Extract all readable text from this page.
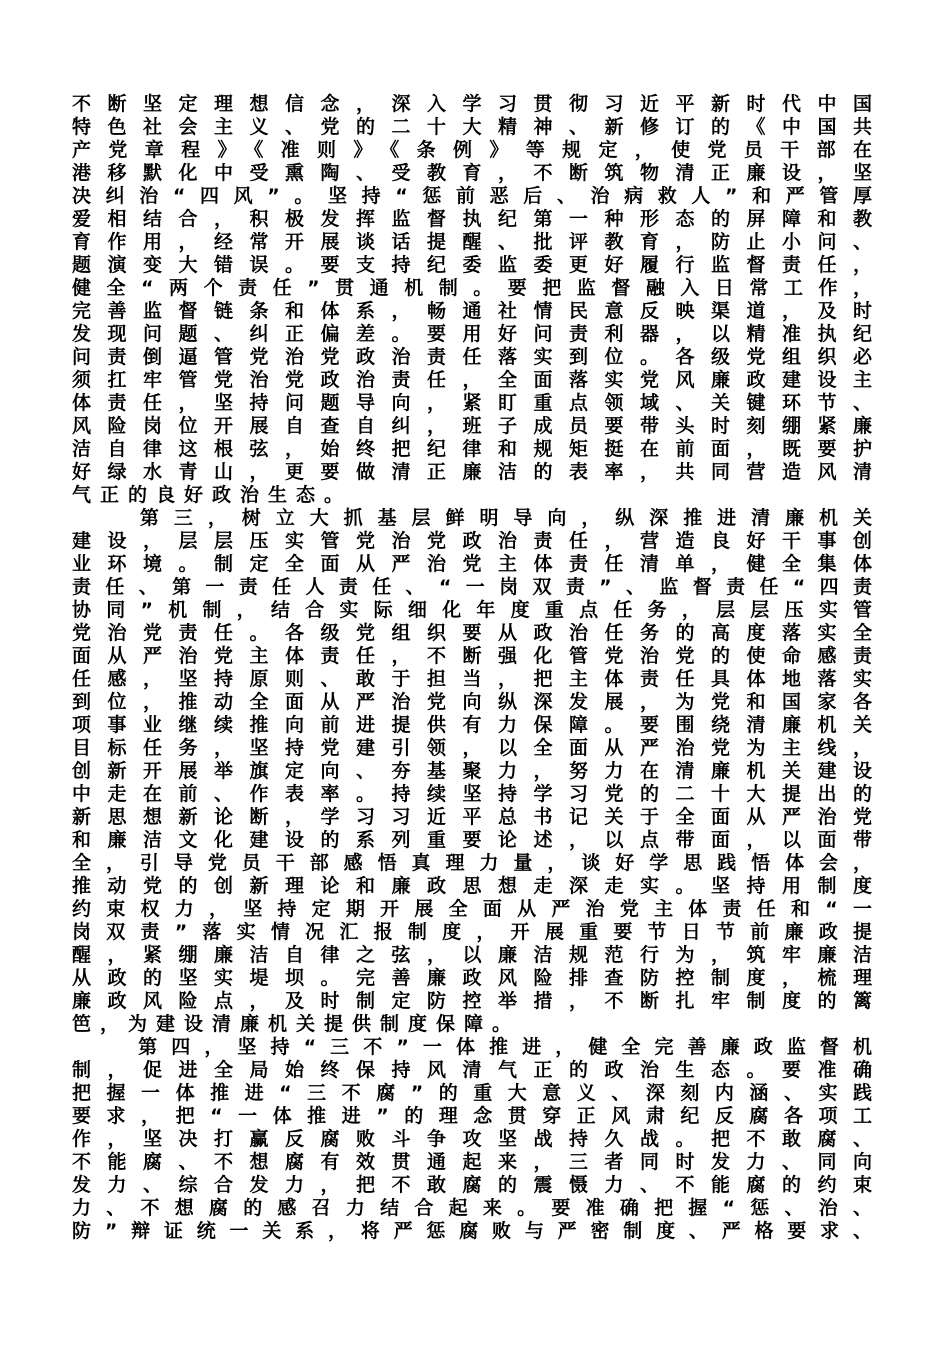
不断坚定理想信念，深入学习贯彻习近平新时代中国
特色社会主义、党的二十大精神、新修订的《中国共
产党章程》《准则》《条例》等规定，使党员干部在
港移默化中受熏陶、受教育，不断筑物清正廉设，坚
决纠治“四风”。坚持“惩前恶后、治病救人”和严管厚
爱相结合，积极发挥监督执纪第一种形态的屏障和教
育作用，经常开展谈话提醒、批评教育，防止小问、
题演变大错误。要支持纪委监委更好履行监督责任，
健全“两个责任”贯通机制。要把监督融入日常工作，
完善监督链条和体系，畅通社情民意反映渠道，及时
发现问题、纠正偏差。要用好问责利器，以精准执纪
问责倒逼管党治党政治责任落实到位。各级党组织必
须扛牢管党治党政治责任，全面落实党风廉政建设主
体责任，坚持问题导向，紧盯重点领域、关键环节、
风险岗位开展自查自纠，班子成员要带头时刻绷紧廉
洁自律这根弦，始终把纪律和规矩挺在前面，既要护
好绿水青山，更要做清正廉洁的表率，共同营造风清
气正的良好政治生态。
　　第三，树立大抓基层鲜明导向，纵深推进清廉机关
建设，层层压实管党治党政治责任，营造良好干事创
业环境。制定全面从严治党主体责任清单，健全集体
责任、第一责任人责任、“一岗双责”、监督责任“四责
协同”机制，结合实际细化年度重点任务，层层压实管
党治党责任。各级党组织要从政治任务的高度落实全
面从严治党主体责任，不断强化管党治党的使命感责
任感，坚持原则、敢于担当，把主体责任具体地落实
到位，推动全面从严治党向纵深发展，为党和国家各
项事业继续推向前进提供有力保障。要围绕清廉机关
目标任务，坚持党建引领，以全面从严治党为主线，
创新开展举旗定向、夯基聚力，努力在清廉机关建设
中走在前、作表率。持续坚持学习党的二十大提出的
新思想新论断，学习习近平总书记关于全面从严治党
和廉洁文化建设的系列重要论述，以点带面，以面带
全，引导党员干部感悟真理力量，谈好学思践悟体会，
推动党的创新理论和廉政思想走深走实。坚持用制度
约束权力，坚持定期开展全面从严治党主体责任和“一
岗双责”落实情况汇报制度，开展重要节日节前廉政提
醒，紧绷廉洁自律之弦，以廉洁规范行为，筑牢廉洁
从政的坚实堤坝。完善廉政风险排查防控制度，梳理
廉政风险点，及时制定防控举措，不断扎牢制度的篱
笆，为建设清廉机关提供制度保障。
　　第四，坚持“三不”一体推进，健全完善廉政监督机
制，促进全局始终保持风清气正的政治生态。要准确
把握一体推进“三不腐”的重大意义、深刻内涵、实践
要求，把“一体推进”的理念贯穿正风肃纪反腐各项工
作，坚决打赢反腐败斗争攻坚战持久战。把不敢腐、
不能腐、不想腐有效贯通起来，三者同时发力、同向
发力、综合发力，把不敢腐的震慑力、不能腐的约束
力、不想腐的感召力结合起来。要准确把握“惩、治、
防”辩证统一关系，将严惩腐败与严密制度、严格要求、
